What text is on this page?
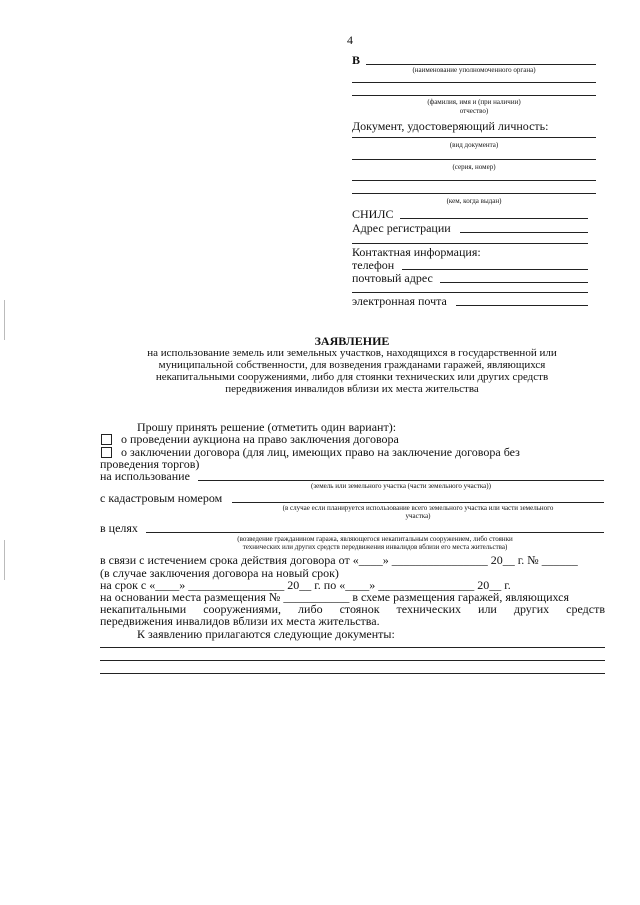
4
В
(наименование уполномоченного органа)
(фамилия, имя и (при наличии)
отчество)
Документ, удостоверяющий личность:
(вид документа)
(серия, номер)
(кем, когда выдан)
СНИЛС
Адрес регистрации
Контактная информация:
телефон
почтовый адрес
электронная почта
ЗАЯВЛЕНИЕ
на использование земель или земельных участков, находящихся в государственной или
муниципальной собственности, для возведения гражданами гаражей, являющихся
некапитальными сооружениями, либо для стоянки технических или других средств
передвижения инвалидов вблизи их места жительства
Прошу принять решение (отметить один вариант):
о проведении аукциона на право заключения договора
о заключении договора (для лиц, имеющих право на заключение договора без
проведения торгов)
на использование
(земель или земельного участка (части земельного участка))
с кадастровым номером
(в случае если планируется использование всего земельного участка или части земельного
участка)
в целях
(возведение гражданином гаража, являющегося некапитальным сооружением, либо стоянки
технических или других средств передвижения инвалидов вблизи его места жительства)
в связи с истечением срока действия договора от «____» ________________ 20__ г. № ______
(в случае заключения договора на новый срок)
на срок с «____» ________________ 20__ г. по «____» ________________ 20__ г.
на основании места размещения № ___________ в схеме размещения гаражей, являющихся
некапитальными сооружениями, либо стоянок технических или других средств
передвижения инвалидов вблизи их места жительства.
К заявлению прилагаются следующие документы:
